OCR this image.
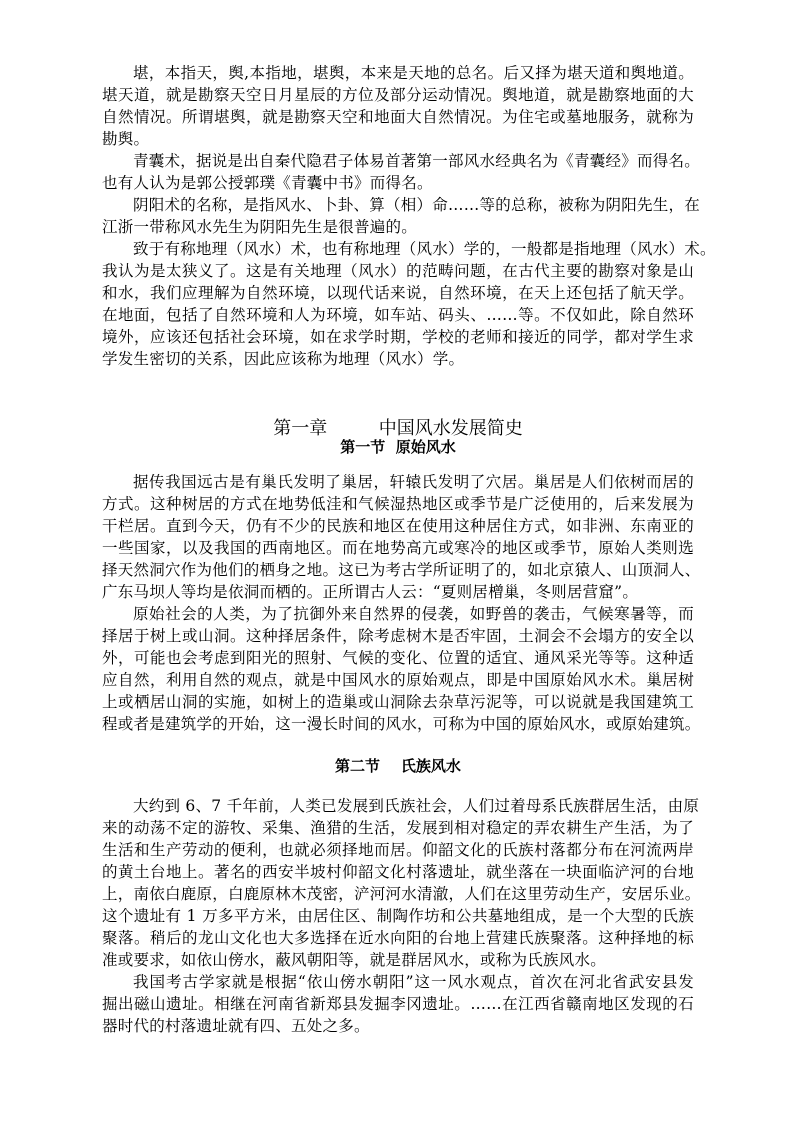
堪，本指天，舆,本指地，堪舆，本来是天地的总名。后又择为堪天道和舆地道。
堪天道，就是勘察天空日月星辰的方位及部分运动情况。舆地道，就是勘察地面的大
自然情况。所谓堪舆，就是勘察天空和地面大自然情况。为住宅或墓地服务，就称为
勘舆。
青囊术，据说是出自秦代隐君子体易首著第一部风水经典名为《青囊经》而得名。
也有人认为是郭公授郭璞《青囊中书》而得名。
阴阳术的名称，是指风水、卜卦、算（相）命……等的总称，被称为阴阳先生，在
江浙一带称风水先生为阴阳先生是很普遍的。
致于有称地理（风水）术，也有称地理（风水）学的，一般都是指地理（风水）术。
我认为是太狭义了。这是有关地理（风水）的范畴问题，在古代主要的勘察对象是山
和水，我们应理解为自然环境，以现代话来说，自然环境，在天上还包括了航天学。
在地面，包括了自然环境和人为环境，如车站、码头、……等。不仅如此，除自然环
境外，应该还包括社会环境，如在求学时期，学校的老师和接近的同学，都对学生求
学发生密切的关系，因此应该称为地理（风水）学。
第一章         中国风水发展简史
第一节  原始风水
据传我国远古是有巢氏发明了巢居，轩辕氏发明了穴居。巢居是人们依树而居的
方式。这种树居的方式在地势低洼和气候湿热地区或季节是广泛使用的，后来发展为
干栏居。直到今天，仍有不少的民族和地区在使用这种居住方式，如非洲、东南亚的
一些国家，以及我国的西南地区。而在地势高亢或寒冷的地区或季节，原始人类则选
择天然洞穴作为他们的栖身之地。这已为考古学所证明了的，如北京猿人、山顶洞人、
广东马坝人等均是依洞而栖的。正所谓古人云：“夏则居橧巢，冬则居营窟”。
原始社会的人类，为了抗御外来自然界的侵袭，如野兽的袭击，气候寒暑等，而
择居于树上或山洞。这种择居条件，除考虑树木是否牢固，土洞会不会塌方的安全以
外，可能也会考虑到阳光的照射、气候的变化、位置的适宜、通风采光等等。这种适
应自然，利用自然的观点，就是中国风水的原始观点，即是中国原始风水术。巢居树
上或栖居山洞的实施，如树上的造巢或山洞除去杂草污泥等，可以说就是我国建筑工
程或者是建筑学的开始，这一漫长时间的风水，可称为中国的原始风水，或原始建筑。
第二节    氏族风水
大约到 6、7 千年前，人类已发展到氏族社会，人们过着母系氏族群居生活，由原
来的动荡不定的游牧、采集、渔猎的生活，发展到相对稳定的弄农耕生产生活，为了
生活和生产劳动的便利，也就必须择地而居。仰韶文化的氏族村落都分布在河流两岸
的黄土台地上。著名的西安半坡村仰韶文化村落遗址，就坐落在一块面临浐河的台地
上，南依白鹿原，白鹿原林木茂密，浐河河水清澈，人们在这里劳动生产，安居乐业。
这个遗址有 1 万多平方米，由居住区、制陶作坊和公共墓地组成，是一个大型的氏族
聚落。稍后的龙山文化也大多选择在近水向阳的台地上营建氏族聚落。这种择地的标
准或要求，如依山傍水，蔽风朝阳等，就是群居风水，或称为氏族风水。
我国考古学家就是根据“依山傍水朝阳”这一风水观点，首次在河北省武安县发
掘出磁山遗址。相继在河南省新郑县发掘李冈遗址。……在江西省赣南地区发现的石
器时代的村落遗址就有四、五处之多。
